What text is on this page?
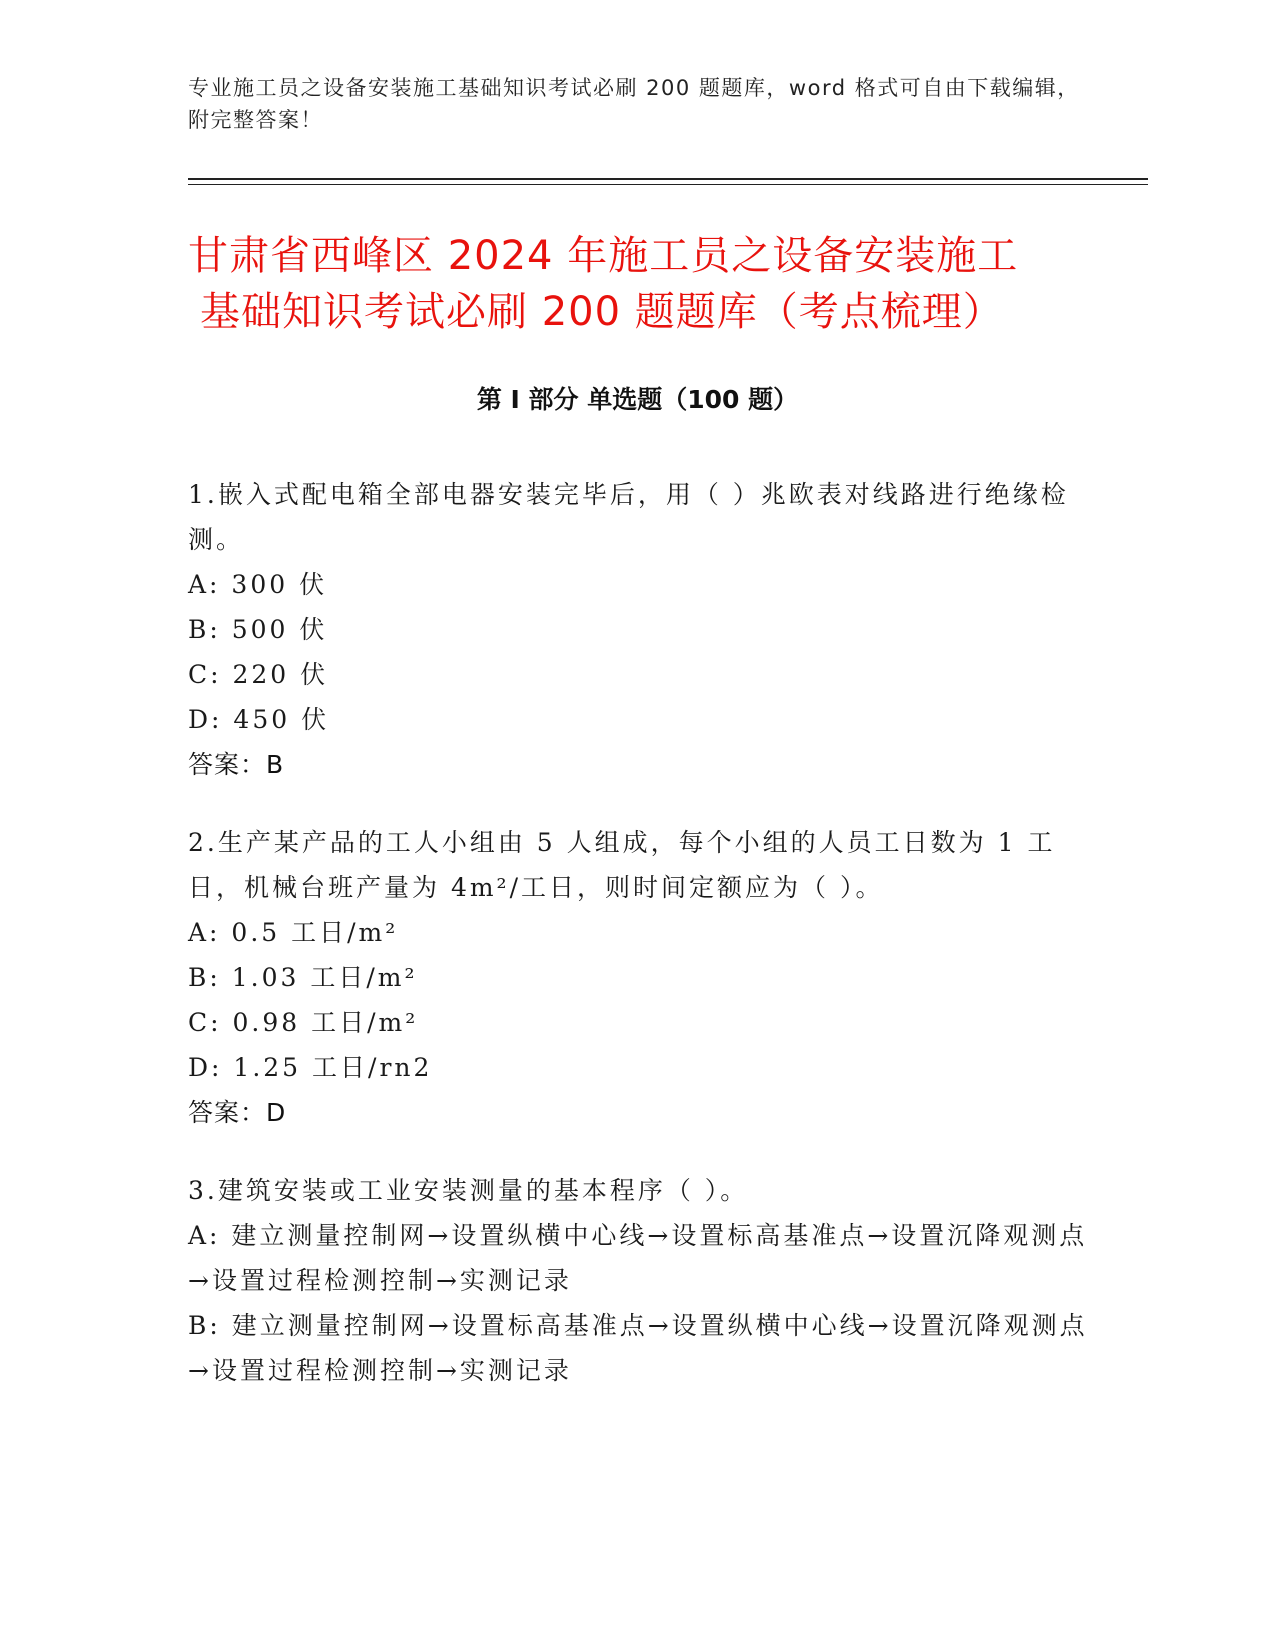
专业施工员之设备安装施工基础知识考试必刷 200 题题库，word 格式可自由下载编辑，附完整答案！
甘肃省西峰区 2024 年施工员之设备安装施工
基础知识考试必刷 200 题题库（考点梳理）
第 I 部分 单选题（100 题）

1.嵌入式配电箱全部电器安装完毕后，用（ ）兆欧表对线路进行绝缘检测。

A: 300 伏

B: 500 伏

C: 220 伏

D: 450 伏

答案：B

2.生产某产品的工人小组由 5 人组成，每个小组的人员工日数为 1 工日，机械台班产量为 4m²/工日，则时间定额应为（ ）。

A: 0.5 工日/m²

B: 1.03 工日/m²

C: 0.98 工日/m²

D: 1.25 工日/rn2

答案：D

3.建筑安装或工业安装测量的基本程序（ ）。

A: 建立测量控制网→设置纵横中心线→设置标高基准点→设置沉降观测点→设置过程检测控制→实测记录

B: 建立测量控制网→设置标高基准点→设置纵横中心线→设置沉降观测点→设置过程检测控制→实测记录
